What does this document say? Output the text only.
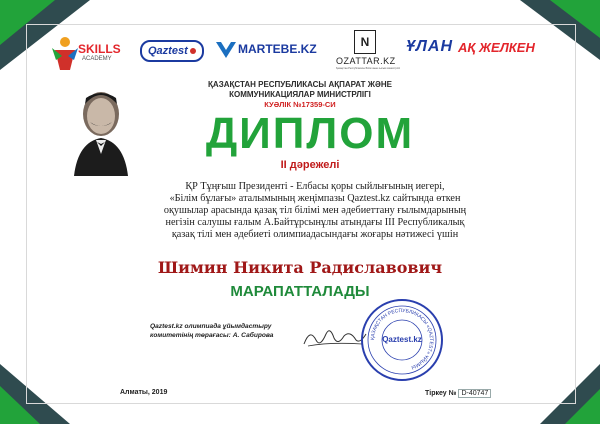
SKILLS
ACADEMY
Qaztest	MARTEBE.KZ	N
OZATTAR.KZ
Қазақстан Республикасы Білім және ғылым министрлігі
ҰЛАН АҚ ЖЕЛКЕН
ҚАЗАҚСТАН РЕСПУБЛИКАСЫ АҚПАРАТ ЖӘНЕ
КОММУНИКАЦИЯЛАР МИНИСТРЛІГІ
КУӘЛІК №17359-СИ
ДИПЛОМ
ІІ дәрежелі
ҚР Тұңғыш Президенті - Елбасы қоры сыйлығының иегері,
«Білім бұлағы» аталымының жеңімпазы Qaztest.kz сайтында өткен
оқушылар арасында қазақ тіл білімі мен әдебиеттану ғылымдарының
негізін салушы ғалым А.Байтұрсынұлы атындағы III Республикалық
қазақ тілі мен әдебиеті олимпиадасындағы жоғары нәтижесі үшін
Шимин Никита Радиславович
МАРАПАТТАЛАДЫ
Qaztest.kz олимпиада ұйымдастыру
комитетінің төрағасы: А. Сабирова	ҚАЗАҚСТАН РЕСПУБЛИКАСЫ «QAZTEST» ҰЙЫМЫ
Qaztest.kz
Алматы, 2019	Тіркеу № D-40747
